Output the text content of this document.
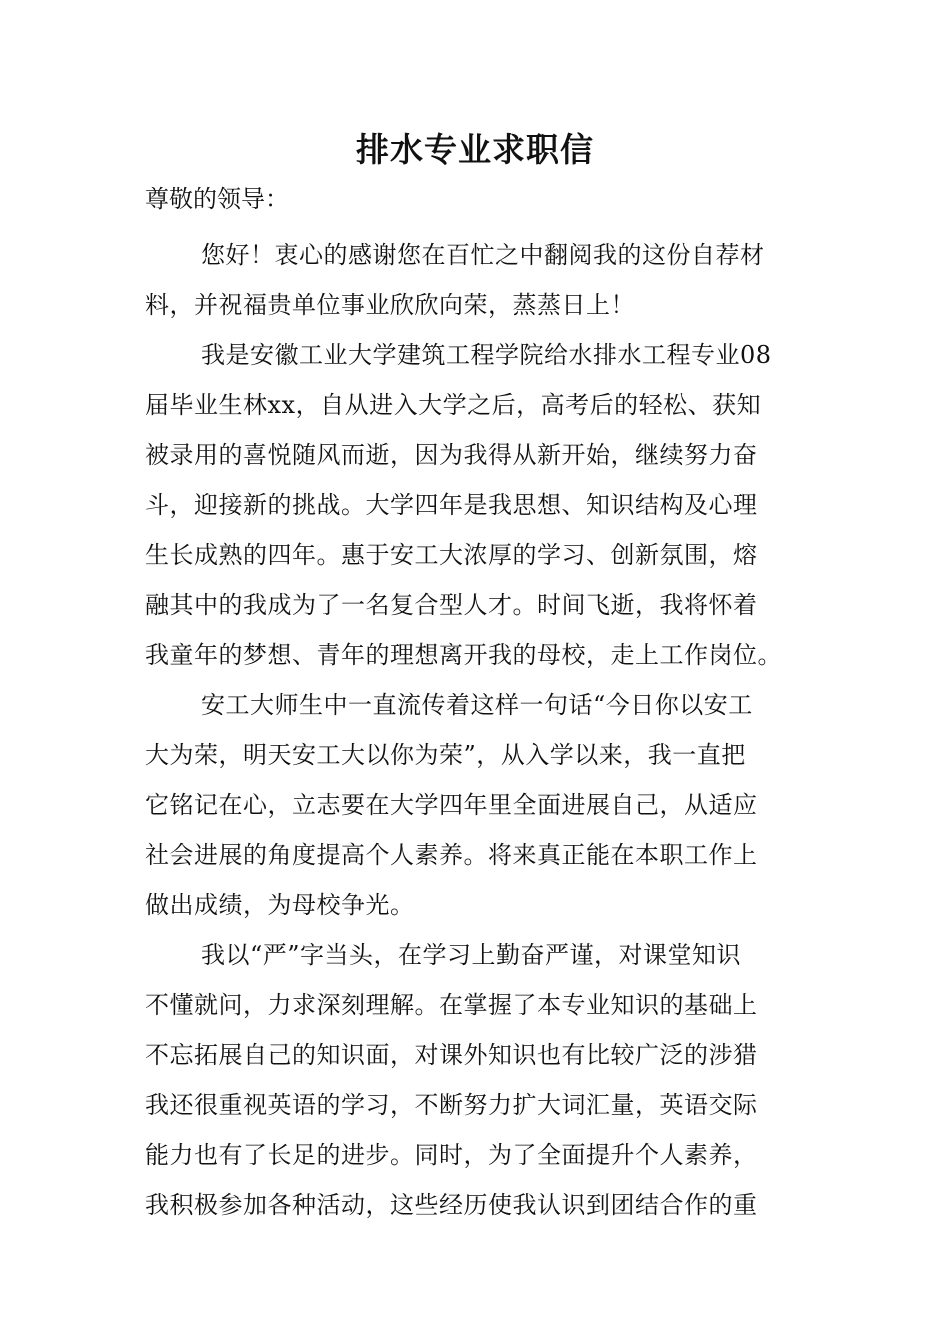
排水专业求职信

尊敬的领导：

您好！衷心的感谢您在百忙之中翻阅我的这份自荐材
料，并祝福贵单位事业欣欣向荣，蒸蒸日上！
我是安徽工业大学建筑工程学院给水排水工程专业08
届毕业生林xx，自从进入大学之后，高考后的轻松、获知
被录用的喜悦随风而逝，因为我得从新开始，继续努力奋
斗，迎接新的挑战。大学四年是我思想、知识结构及心理
生长成熟的四年。惠于安工大浓厚的学习、创新氛围，熔
融其中的我成为了一名复合型人才。时间飞逝，我将怀着
我童年的梦想、青年的理想离开我的母校，走上工作岗位。
安工大师生中一直流传着这样一句话“今日你以安工
大为荣，明天安工大以你为荣”，从入学以来，我一直把
它铭记在心，立志要在大学四年里全面进展自己，从适应
社会进展的角度提高个人素养。将来真正能在本职工作上
做出成绩，为母校争光。
我以“严”字当头，在学习上勤奋严谨，对课堂知识
不懂就问，力求深刻理解。在掌握了本专业知识的基础上
不忘拓展自己的知识面，对课外知识也有比较广泛的涉猎
我还很重视英语的学习，不断努力扩大词汇量，英语交际
能力也有了长足的进步。同时，为了全面提升个人素养，
我积极参加各种活动，这些经历使我认识到团结合作的重
